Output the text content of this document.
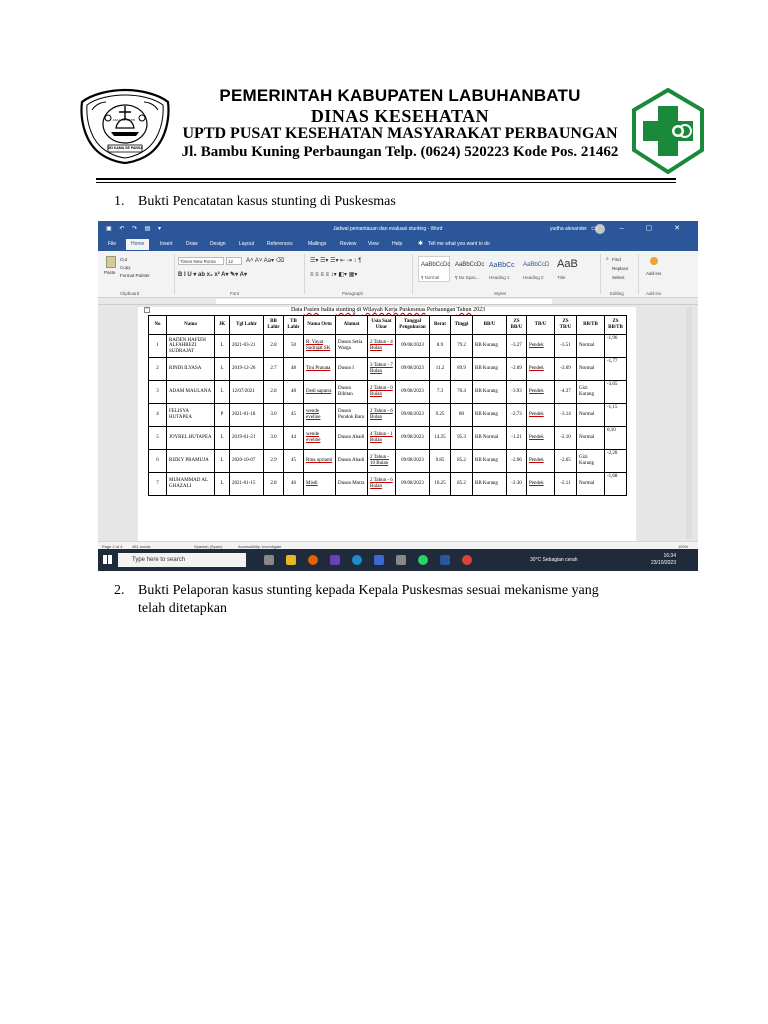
SEI KAMA SE PANSA
ASA LAN MESTI
PEMERINTAH KABUPATEN LABUHANBATU
DINAS KESEHATAN
UPTD PUSAT KESEHATAN MASYARAKAT PERBAUNGAN
Jl. Bambu Kuning Perbaungan Telp. (0624) 520223 Kode Pos. 21462
1. Bukti Pencatatan kasus stunting di Puskesmas
▣ ↶ ↷ ▤ ▾	Jadwal pemantauan dan evaluasi stunting - Word	yudha alexander ▭ – ▢ ✕
File	Home	Insert	Draw Design	Layout	References	Mailings	Review View	Help	✱ Tell me what you want to do
Paste
Cut
Copy
Format Painter
Clipboard
Times New Roma	12	A˄ A˅ Aa▾ ⌫
B I U ▾ ab x₂ x² A▾ ✎▾ A▾
Font
☰▾ ☰▾ ☰▾ ⇤ ⇥ ↕ ¶
≡ ≡ ≡ ≡ ↕▾ ◧▾ ▦▾
Paragraph
AaBbCcDc
¶ Normal
AaBbCcDc
¶ No Spac...
AaBbCc
Heading 1
AaBbCcD
Heading 2
AaB
Title
Styles
⌕ Find
Replace
Select
Editing
Add-ins
Add-ins
+	Data Pasien balita stunting di Wilayah Kerja Puskesmas Perbaungan Tahun 2023
No	Nama	JK	Tgl Lahir	BB Lahir	TB Lahir	Nama Ortu	Alamat	Usia Saat Ukur	Tanggal Pengukuran	Berat	Tinggi	BB/U	ZS BB/U	TB/U	ZS TB/U	BB/TB	ZS BB/TB
1	RADEN HAFIZH ALFAHREZI SUDRAJAT	L	2021-03-21	2.8	50	R. Yayat Sudrajat SK	Dusun Setia Warga	2 Tahun - 4 Bulan	09/08/2023	8.9	79.2	BB Kurang	-3.27	Pendek	-3.51	Normal	-1,96
2	RINDI ILYASA	L	2019-12-26	2.7	48	Tini Pranata	Dusun I	3 Tahun - 7 Bulan	09/08/2023	11.2	89.9	BB Kurang	-2.69	Pendek	-2.69	Normal	-1,77
3	ADAM MAULANA	L	12/07/2021	2.8	48	Dedi saputra	Dusun Bibitan	2 Tahun - 0 Bulan	09/08/2023	7.3	76.4	BB Kurang	-3.93	Pendek	-4.37	Gizi Kurang	-3,65
4	FELISYA HUTAPEA	P	2021-01-18	3.0	45	wende eveline	Dusun Pondok Baru	2 Tahun - 6 Bulan	09/08/2023	9.25	80	BB Kurang	-2.73	Pendek	-3.14	Normal	-1,15
5	JOYREL HUTAPEA	L	2019-01-21	3.0	44	wende eveline	Dusun Abadi	4 Tahun - 1 Bulan	09/08/2023	14.25	95.3	BB Normal	-1.21	Pendek	-2.10	Normal	0,10
6	RIZKY PRAMUJA	L	2020-10-07	2.9	45	Rina oprianti	Dusun Abadi	2 Tahun - 10 Bulan	09/08/2023	9.85	85.2	BB Kurang	-2.96	Pendek	-2.65	Gizi Kurang	-2,20
7	MUHAMMAD AL GHAZALI	L	2021-01-15	2.8	46	Misdi	Dusun Mutra	2 Tahun - 6 Bulan	09/08/2023	10.25	85.2	BB Kurang	-2.30	Pendek	-2.11	Normal	-1,68
Page 2 of 4 481 words	Spanish (Spain)	Accessibility: Investigate	100%
Type here to search	30°C Sebagian cerah
16:34
23/10/2023
2. Bukti Pelaporan kasus stunting kepada Kepala Puskesmas sesuai mekanisme yang
telah ditetapkan
